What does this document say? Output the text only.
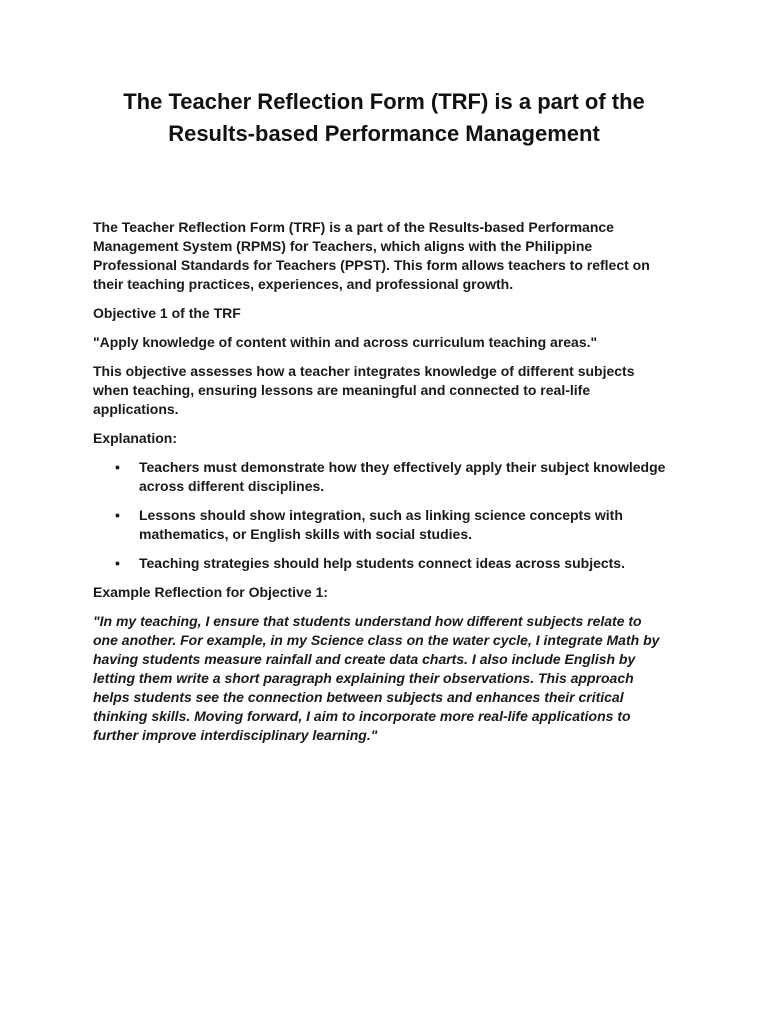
The Teacher Reflection Form (TRF) is a part of the Results-based Performance Management

The Teacher Reflection Form (TRF) is a part of the Results-based Performance Management System (RPMS) for Teachers, which aligns with the Philippine Professional Standards for Teachers (PPST). This form allows teachers to reflect on their teaching practices, experiences, and professional growth.

Objective 1 of the TRF

"Apply knowledge of content within and across curriculum teaching areas."

This objective assesses how a teacher integrates knowledge of different subjects when teaching, ensuring lessons are meaningful and connected to real-life applications.

Explanation:

• Teachers must demonstrate how they effectively apply their subject knowledge across different disciplines.
• Lessons should show integration, such as linking science concepts with mathematics, or English skills with social studies.
• Teaching strategies should help students connect ideas across subjects.

Example Reflection for Objective 1:

"In my teaching, I ensure that students understand how different subjects relate to one another. For example, in my Science class on the water cycle, I integrate Math by having students measure rainfall and create data charts. I also include English by letting them write a short paragraph explaining their observations. This approach helps students see the connection between subjects and enhances their critical thinking skills. Moving forward, I aim to incorporate more real-life applications to further improve interdisciplinary learning."
